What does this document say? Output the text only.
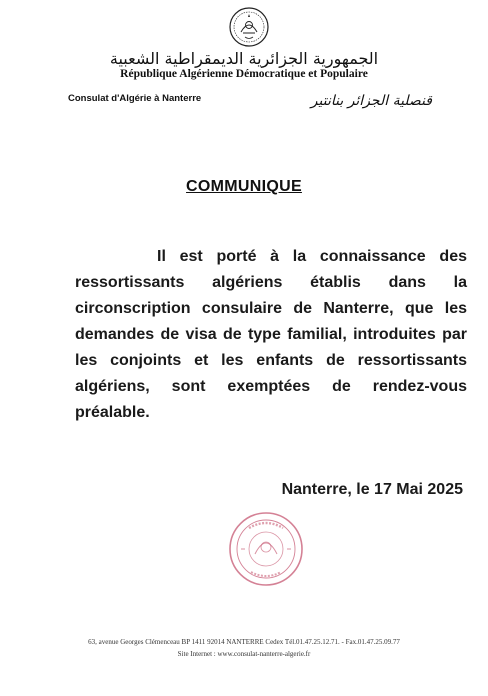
الجمهورية الجزائرية الديمقراطية الشعبية
République Algérienne Démocratique et Populaire
Consulat d'Algérie à Nanterre	قنصلية الجزائر بنانتير
COMMUNIQUE
Il est porté à la connaissance des ressortissants algériens établis dans la circonscription consulaire de Nanterre, que les demandes de visa de type familial, introduites par les conjoints et les enfants de ressortissants algériens, sont exemptées de rendez-vous préalable.
Nanterre, le 17 Mai 2025
63, avenue Georges Clémenceau BP 1411 92014 NANTERRE Cedex Tél.01.47.25.12.71. - Fax.01.47.25.09.77
Site Internet : www.consulat-nanterre-algerie.fr
